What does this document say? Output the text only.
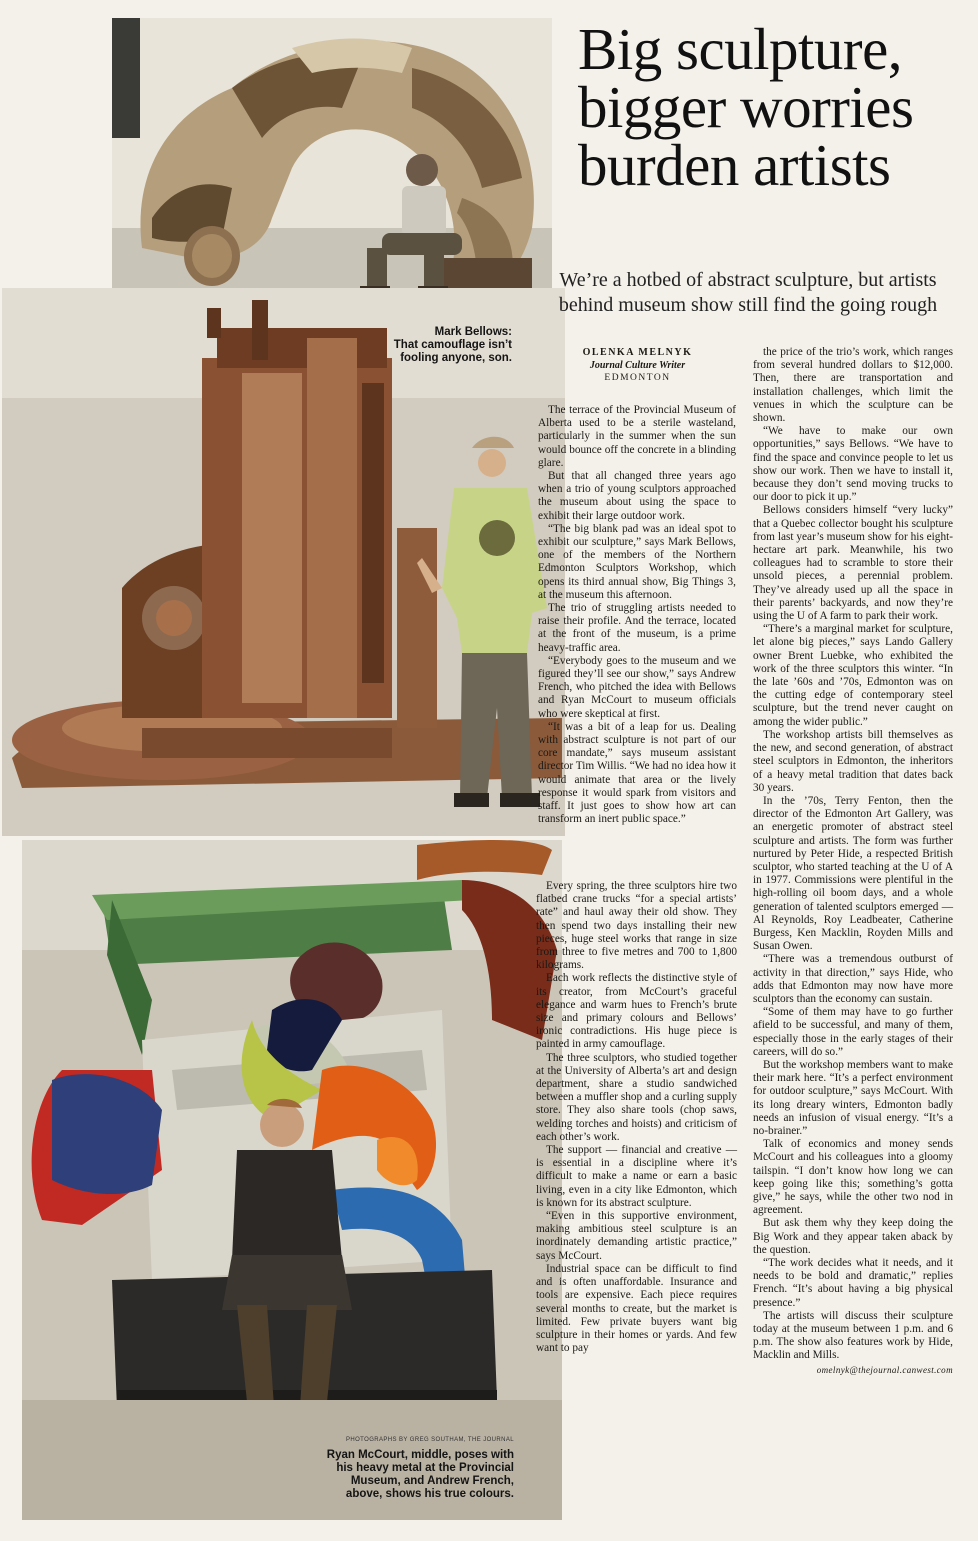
Big sculpture,
bigger worries
burden artists
We’re a hotbed of abstract sculpture, but artists
behind museum show still find the going rough
Mark Bellows:
That camouflage isn’t
fooling anyone, son.
PHOTOGRAPHS BY GREG SOUTHAM, THE JOURNAL
Ryan McCourt, middle, poses with
his heavy metal at the Provincial
Museum, and Andrew French,
above, shows his true colours.
OLENKA MELNYK
Journal Culture Writer
EDMONTON

The terrace of the Provincial Museum of Alberta used to be a sterile wasteland, particularly in the summer when the sun would bounce off the concrete in a blinding glare.

But that all changed three years ago when a trio of young sculptors approached the museum about using the space to exhibit their large outdoor work.

“The big blank pad was an ideal spot to exhibit our sculpture,” says Mark Bellows, one of the members of the Northern Edmonton Sculptors Workshop, which opens its third annual show, Big Things 3, at the museum this afternoon.

The trio of struggling artists needed to raise their profile. And the terrace, located at the front of the museum, is a prime heavy-traffic area.

“Everybody goes to the museum and we figured they’ll see our show,” says Andrew French, who pitched the idea with Bellows and Ryan McCourt to museum officials who were skeptical at first.

“It was a bit of a leap for us. Dealing with abstract sculpture is not part of our core mandate,” says museum assistant director Tim Willis. “We had no idea how it would animate that area or the lively response it would spark from visitors and staff. It just goes to show how art can transform an inert public space.”

Every spring, the three sculptors hire two flatbed crane trucks “for a special artists’ rate” and haul away their old show. They then spend two days installing their new pieces, huge steel works that range in size from three to five metres and 700 to 1,800 kilograms.

Each work reflects the distinctive style of its creator, from McCourt’s graceful elegance and warm hues to French’s brute size and primary colours and Bellows’ ironic contradictions. His huge piece is painted in army camouflage.

The three sculptors, who studied together at the University of Alberta’s art and design department, share a studio sandwiched between a muffler shop and a curling supply store. They also share tools (chop saws, welding torches and hoists) and criticism of each other’s work.

The support — financial and creative — is essential in a discipline where it’s difficult to make a name or earn a basic living, even in a city like Edmonton, which is known for its abstract sculpture.

“Even in this supportive environment, making ambitious steel sculpture is an inordinately demanding artistic practice,” says McCourt.

Industrial space can be difficult to find and is often unaffordable. Insurance and tools are expensive. Each piece requires several months to create, but the market is limited. Few private buyers want big sculpture in their homes or yards. And few want to pay

the price of the trio’s work, which ranges from several hundred dollars to $12,000. Then, there are transportation and installation challenges, which limit the venues in which the sculpture can be shown.

“We have to make our own opportunities,” says Bellows. “We have to find the space and convince people to let us show our work. Then we have to install it, because they don’t send moving trucks to our door to pick it up.”

Bellows considers himself “very lucky” that a Quebec collector bought his sculpture from last year’s museum show for his eight-hectare art park. Meanwhile, his two colleagues had to scramble to store their unsold pieces, a perennial problem. They’ve already used up all the space in their parents’ backyards, and now they’re using the U of A farm to park their work.

“There’s a marginal market for sculpture, let alone big pieces,” says Lando Gallery owner Brent Luebke, who exhibited the work of the three sculptors this winter. “In the late ’60s and ’70s, Edmonton was on the cutting edge of contemporary steel sculpture, but the trend never caught on among the wider public.”

The workshop artists bill themselves as the new, and second generation, of abstract steel sculptors in Edmonton, the inheritors of a heavy metal tradition that dates back 30 years.

In the ’70s, Terry Fenton, then the director of the Edmonton Art Gallery, was an energetic promoter of abstract steel sculpture and artists. The form was further nurtured by Peter Hide, a respected British sculptor, who started teaching at the U of A in 1977. Commissions were plentiful in the high-rolling oil boom days, and a whole generation of talented sculptors emerged — Al Reynolds, Roy Leadbeater, Catherine Burgess, Ken Macklin, Royden Mills and Susan Owen.

“There was a tremendous outburst of activity in that direction,” says Hide, who adds that Edmonton may now have more sculptors than the economy can sustain.

“Some of them may have to go further afield to be successful, and many of them, especially those in the early stages of their careers, will do so.”

But the workshop members want to make their mark here. “It’s a perfect environment for outdoor sculpture,” says McCourt. With its long dreary winters, Edmonton badly needs an infusion of visual energy. “It’s a no-brainer.”

Talk of economics and money sends McCourt and his colleagues into a gloomy tailspin. “I don’t know how long we can keep going like this; something’s gotta give,” he says, while the other two nod in agreement.

But ask them why they keep doing the Big Work and they appear taken aback by the question.

“The work decides what it needs, and it needs to be bold and dramatic,” replies French. “It’s about having a big physical presence.”

The artists will discuss their sculpture today at the museum between 1 p.m. and 6 p.m. The show also features work by Hide, Macklin and Mills.

omelnyk@thejournal.canwest.com
